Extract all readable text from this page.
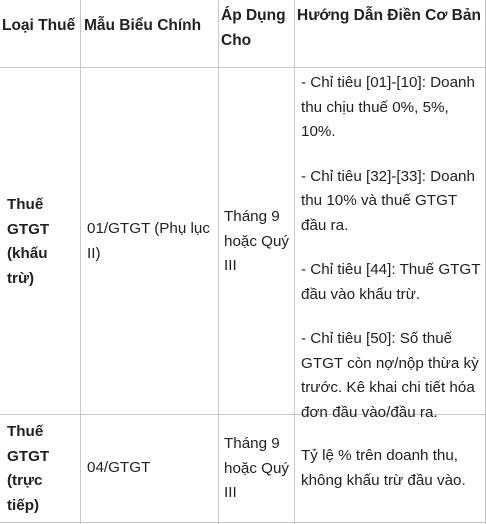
Loại Thuế Mẫu Biểu Chính
Áp Dụng Cho
Hướng Dẫn Điền Cơ Bản
Thuế GTGT (khấu trừ)
01/GTGT (Phụ lục II)
Tháng 9 hoặc Quý III

- Chỉ tiêu [01]-[10]: Doanh thu chịu thuế 0%, 5%, 10%.

- Chỉ tiêu [32]-[33]: Doanh thu 10% và thuế GTGT đầu ra.

- Chỉ tiêu [44]: Thuế GTGT đầu vào khấu trừ.

- Chỉ tiêu [50]: Số thuế GTGT còn nợ/nộp thừa kỳ trước. Kê khai chi tiết hóa đơn đầu vào/đầu ra.

Thuế GTGT (trực tiếp)
04/GTGT
Tháng 9 hoặc Quý III

Tỷ lệ % trên doanh thu, không khấu trừ đầu vào.
